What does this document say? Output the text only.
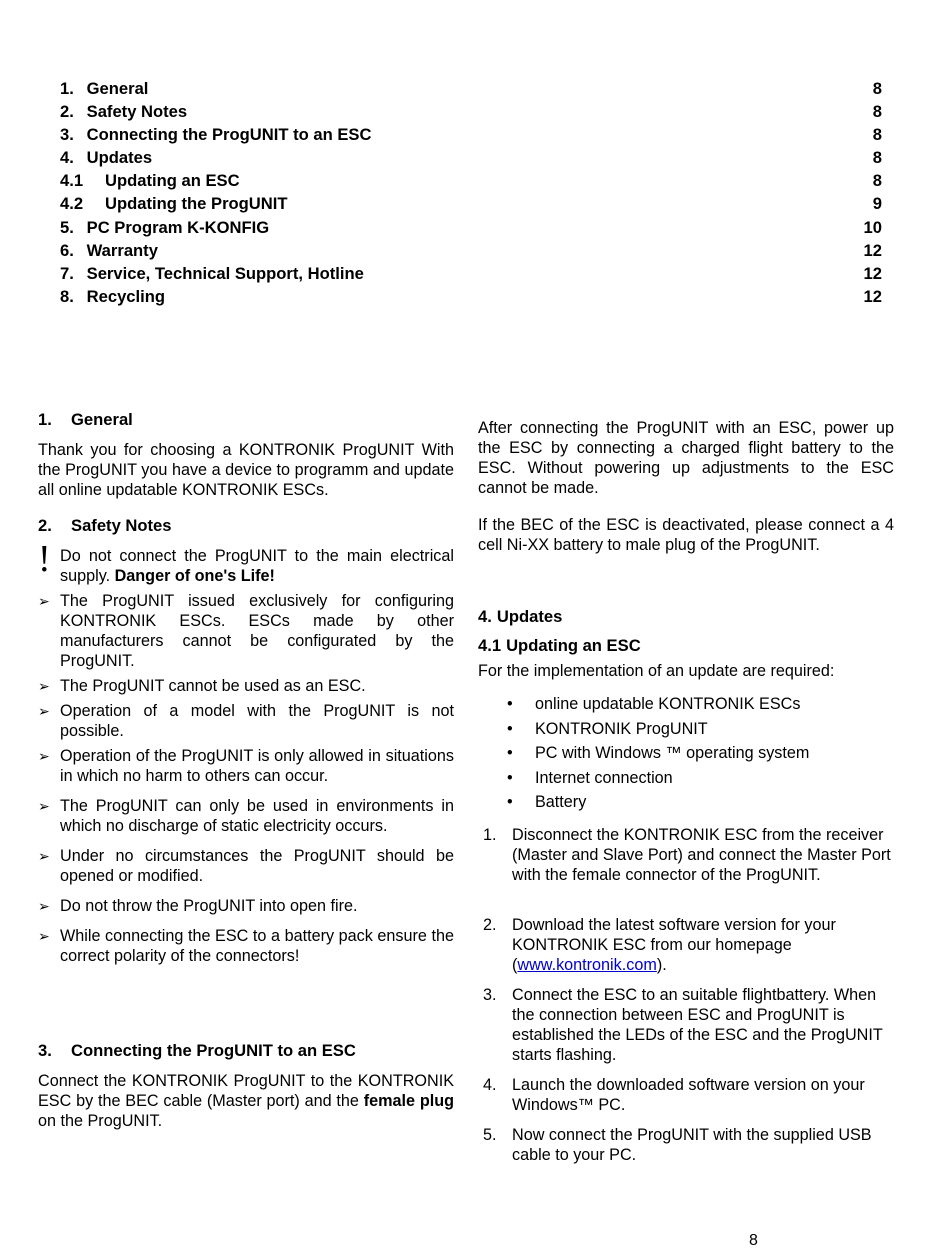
1. General	8
2. Safety Notes	8
3. Connecting the ProgUNIT to an ESC	8
4. Updates	8
4.1 Updating an ESC	8
4.2 Updating the ProgUNIT	9
5. PC Program K-KONFIG	10
6. Warranty	12
7. Service, Technical Support, Hotline	12
8. Recycling	12
1. General
Thank you for choosing a KONTRONIK ProgUNIT With the ProgUNIT you have a device to programm and update all online updatable KONTRONIK ESCs.
2. Safety Notes
! Do not connect the ProgUNIT to the main electrical supply. Danger of one's Life!
➢ The ProgUNIT issued exclusively for configuring KONTRONIK ESCs. ESCs made by other manufacturers cannot be configurated by the ProgUNIT.
➢ The ProgUNIT cannot be used as an ESC.
➢ Operation of a model with the ProgUNIT is not possible.
➢ Operation of the ProgUNIT is only allowed in situations in which no harm to others can occur.
➢ The ProgUNIT can only be used in environments in which no discharge of static electricity occurs.
➢ Under no circumstances the ProgUNIT should be opened or modified.
➢ Do not throw the ProgUNIT into open fire.
➢ While connecting the ESC to a battery pack ensure the correct polarity of the connectors!
3. Connecting the ProgUNIT to an ESC
Connect the KONTRONIK ProgUNIT to the KONTRONIK ESC by the BEC cable (Master port) and the female plug on the ProgUNIT.
After connecting the ProgUNIT with an ESC, power up the ESC by connecting a charged flight battery to the ESC. Without powering up adjustments to the ESC cannot be made.
If the BEC of the ESC is deactivated, please connect a 4 cell Ni-XX battery to male plug of the ProgUNIT.
4. Updates
4.1 Updating an ESC
For the implementation of an update are required:
• online updatable KONTRONIK ESCs
• KONTRONIK ProgUNIT
• PC with Windows ™ operating system
• Internet connection
• Battery
1. Disconnect the KONTRONIK ESC from the receiver (Master and Slave Port) and connect the Master Port with the female connector of the ProgUNIT.
2. Download the latest software version for your KONTRONIK ESC from our homepage (www.kontronik.com).
3. Connect the ESC to an suitable flightbattery. When the connection between ESC and ProgUNIT is established the LEDs of the ESC and the ProgUNIT starts flashing.
4. Launch the downloaded software version on your Windows™ PC.
5. Now connect the ProgUNIT with the supplied USB cable to your PC.
8
